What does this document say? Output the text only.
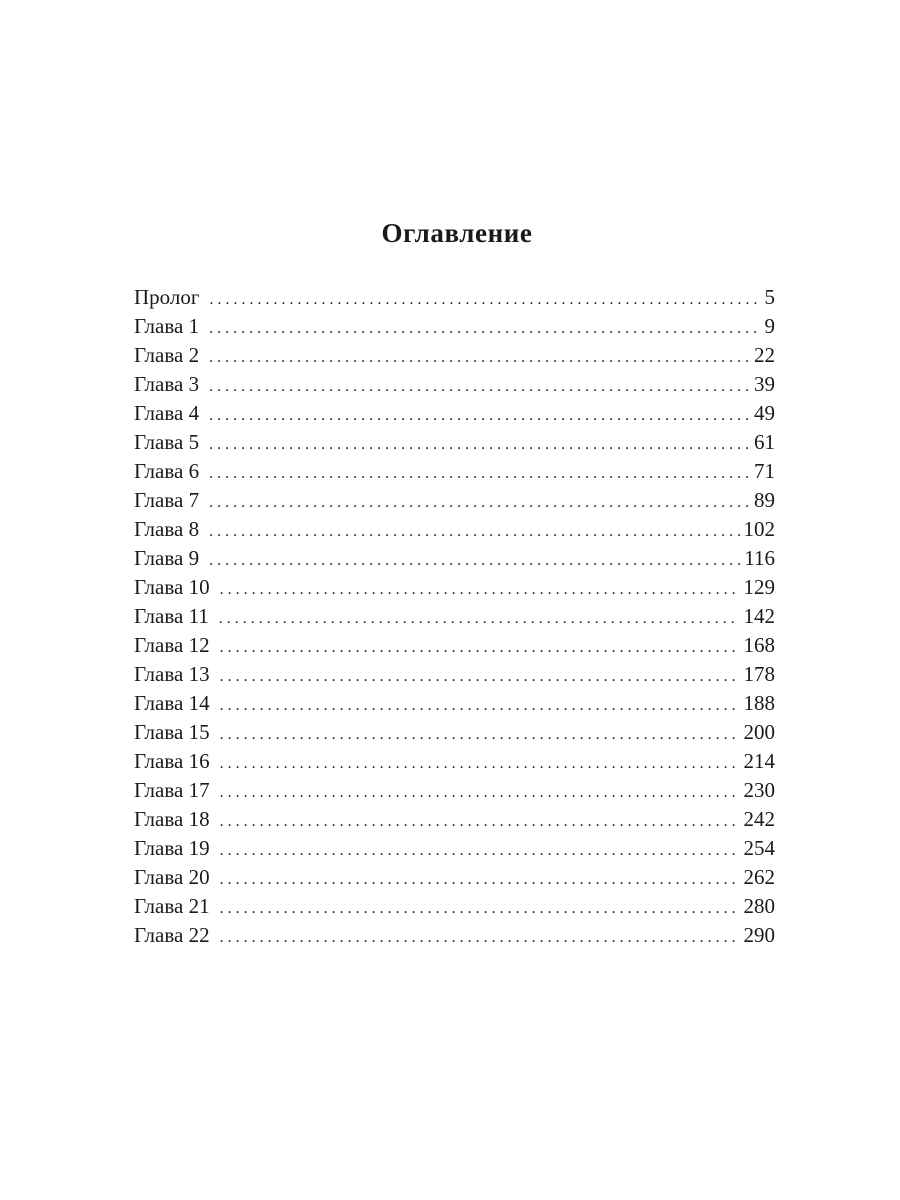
Оглавление
Пролог . . .	5
Глава 1 . . .	9
Глава 2 . . .	22
Глава 3 . . .	39
Глава 4 . . .	49
Глава 5 . . .	61
Глава 6 . . .	71
Глава 7 . . .	89
Глава 8 . . .	102
Глава 9 . . .	116
Глава 10 . . .	129
Глава 11 . . .	142
Глава 12 . . .	168
Глава 13 . . .	178
Глава 14 . . .	188
Глава 15 . . .	200
Глава 16 . . .	214
Глава 17 . . .	230
Глава 18 . . .	242
Глава 19 . . .	254
Глава 20 . . .	262
Глава 21 . . .	280
Глава 22 . . .	290
